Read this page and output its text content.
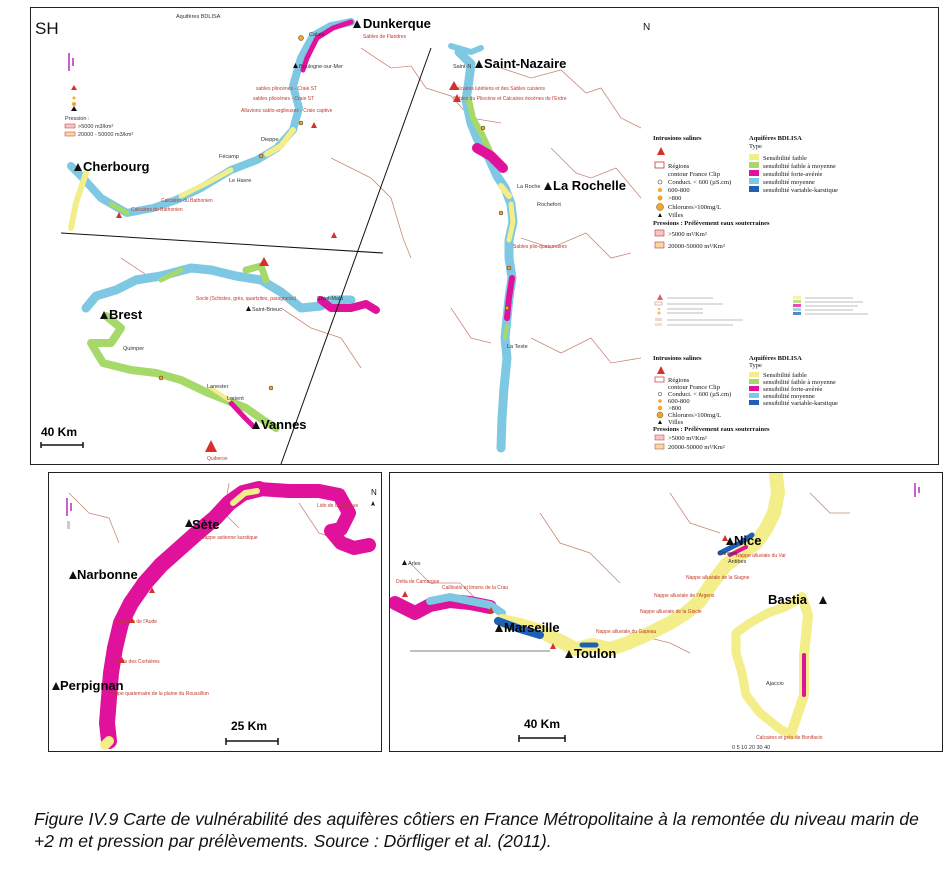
Pression :
>5000 m3/km²
20000 - 50000 m3/km²
SH
Aquifères BDLISA
N
Dunkerque
Cherbourg
Saint-Nazaire
La Rochelle
Brest
Vannes
Calais
Boulogne-sur-Mer
Le Havre
Fécamp
Dieppe
Saint-Malo
Saint-Brieuc
Quimper
Lanester
Lorient
Quiberon
Rochefort
La Teste
La Roche
Saint-N
Sables de Flandres
sables pliocènes - Craie ST
sables pliocènes - Craie ST
Alluvions sablo-argileuses - Craie captive
Calcaires du Bathonien
Calcaires du Bathonien
Socle (Schistes, grès, quartzites, paragneiss)
Calcaires lutétiens et des Sables cuisiens
Sables du Pliocène et Calcaires éocènes de l'Erdre
Sables plio-quaternaires
40 Km
Intrusions salines
Régions
contour France Clip
Conduct. < 600 (µS.cm)
600-800
>800
Chlorures>100mg/L
Villes
Pressions : Prélèvement eaux souterraines
>5000 m³/Km²
20000-50000 m³/Km²
Aquifères BDLISA
Type
Sensibilité faible
sensibilité faible à moyenne
sensibilité forte-avérée
sensibilité moyenne
sensibilité variable-karstique
Intrusions salines
Régions
contour France Clip
Conduct. < 600 (µS.cm)
600-800
>800
Chlorures>100mg/L
Villes
Pressions : Prélèvement eaux souterraines
>5000 m³/Km²
20000-50000 m³/Km²
Aquifères BDLISA
Type
Sensibilité faible
sensibilité faible à moyenne
sensibilité forte-avérée
sensibilité moyenne
sensibilité variable-karstique
N
Sète
Narbonne
Perpignan
Nappe astienne karstique
Lido de Camargue
Alluvions de l'Aude
Karsts des Corbières
Nappe quaternaire de la plaine du Roussillon
25 Km
Nice
Bastia
Marseille
Toulon
Arles	Antibes
Cannes
Ajaccio
Nappe alluviale du Var
Nappe alluviale de la Siagne
Nappe alluviale de l'Argens
Nappe alluviale de la Giscle
Nappe alluviale du Gapeau
Delta de Camargue
Cailloutis et limons de la Crau
Calcaires et grès de Bonifacio
40 Km
0 5 10 20 30 40

Figure IV.9 Carte de vulnérabilité des aquifères côtiers en France Métropolitaine à la remontée du niveau marin de +2 m et pression par prélèvements. Source : Dörfliger et al. (2011).
